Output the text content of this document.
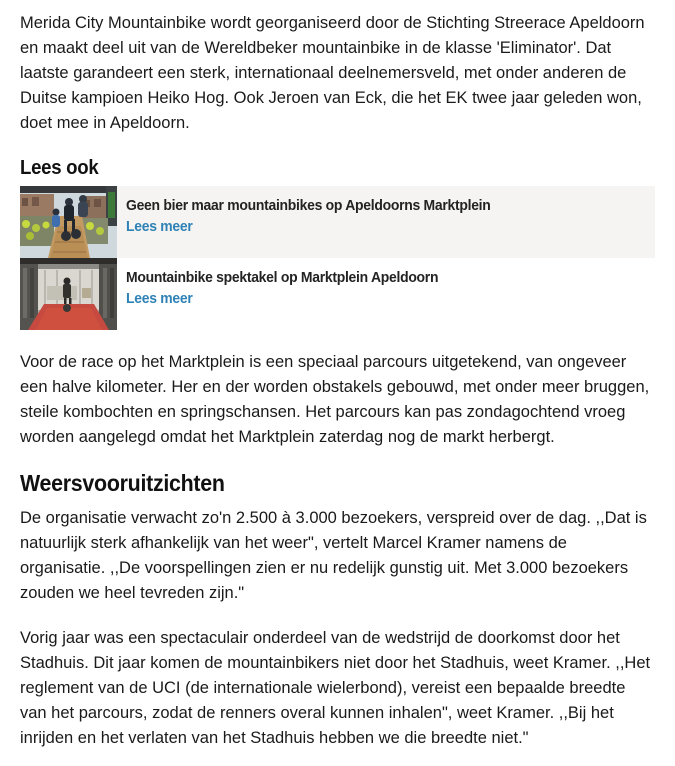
Merida City Mountainbike wordt georganiseerd door de Stichting Streerace Apeldoorn en maakt deel uit van de Wereldbeker mountainbike in de klasse 'Eliminator'. Dat laatste garandeert een sterk, internationaal deelnemersveld, met onder anderen de Duitse kampioen Heiko Hog. Ook Jeroen van Eck, die het EK twee jaar geleden won, doet mee in Apeldoorn.

Lees ook
Geen bier maar mountainbikes op Apeldoorns Marktplein
Lees meer
Mountainbike spektakel op Marktplein Apeldoorn
Lees meer

Voor de race op het Marktplein is een speciaal parcours uitgetekend, van ongeveer een halve kilometer. Her en der worden obstakels gebouwd, met onder meer bruggen, steile kombochten en springschansen. Het parcours kan pas zondagochtend vroeg worden aangelegd omdat het Marktplein zaterdag nog de markt herbergt.

Weersvooruitzichten

De organisatie verwacht zo'n 2.500 à 3.000 bezoekers, verspreid over de dag. ,,Dat is natuurlijk sterk afhankelijk van het weer", vertelt Marcel Kramer namens de organisatie. ,,De voorspellingen zien er nu redelijk gunstig uit. Met 3.000 bezoekers zouden we heel tevreden zijn."

Vorig jaar was een spectaculair onderdeel van de wedstrijd de doorkomst door het Stadhuis. Dit jaar komen de mountainbikers niet door het Stadhuis, weet Kramer. ,,Het reglement van de UCI (de internationale wielerbond), vereist een bepaalde breedte van het parcours, zodat de renners overal kunnen inhalen", weet Kramer. ,,Bij het inrijden en het verlaten van het Stadhuis hebben we die breedte niet."
